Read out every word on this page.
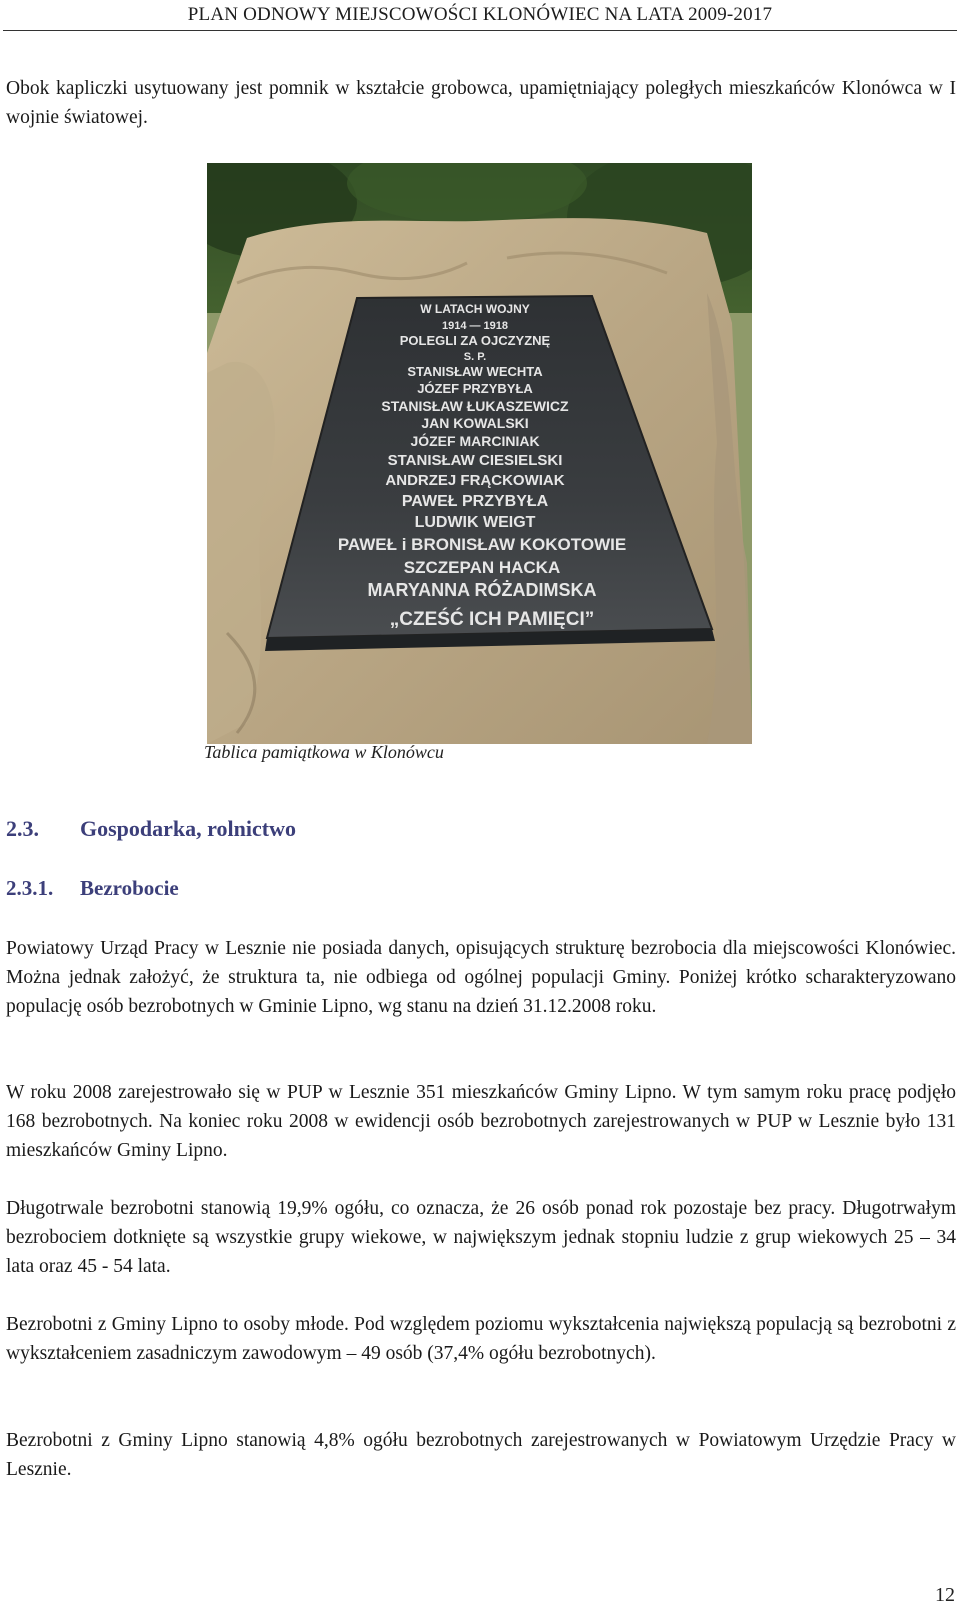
PLAN ODNOWY MIEJSCOWOŚCI KLONÓWIEC NA LATA 2009-2017

Obok kapliczki usytuowany jest pomnik w kształcie grobowca, upamiętniający poległych mieszkańców Klonówca w I wojnie światowej.

W LATACH WOJNY
1914 — 1918
POLEGLI ZA OJCZYZNĘ
S. P.
STANISŁAW WECHTA
JÓZEF PRZYBYŁA
STANISŁAW ŁUKASZEWICZ
JAN KOWALSKI
JÓZEF MARCINIAK
STANISŁAW CIESIELSKI
ANDRZEJ FRĄCKOWIAK
PAWEŁ PRZYBYŁA
LUDWIK WEIGT
PAWEŁ i BRONISŁAW KOKOTOWIE
SZCZEPAN HACKA
MARYANNA RÓŻADIMSKA
„CZEŚĆ ICH PAMIĘCI”
Tablica pamiątkowa w Klonówcu
2.3. Gospodarka, rolnictwo
2.3.1. Bezrobocie

Powiatowy Urząd Pracy w Lesznie nie posiada danych, opisujących strukturę bezrobocia dla miejscowości Klonówiec. Można jednak założyć, że struktura ta, nie odbiega od ogólnej populacji Gminy. Poniżej krótko scharakteryzowano populację osób bezrobotnych w Gminie Lipno, wg stanu na dzień 31.12.2008 roku.

W roku 2008 zarejestrowało się w PUP w Lesznie 351 mieszkańców Gminy Lipno. W tym samym roku pracę podjęło 168 bezrobotnych. Na koniec roku 2008 w ewidencji osób bezrobotnych zarejestrowanych w PUP w Lesznie było 131 mieszkańców Gminy Lipno.

Długotrwale bezrobotni stanowią 19,9% ogółu, co oznacza, że 26 osób ponad rok pozostaje bez pracy. Długotrwałym bezrobociem dotknięte są wszystkie grupy wiekowe, w największym jednak stopniu ludzie z grup wiekowych 25 – 34 lata oraz 45 - 54 lata.

Bezrobotni z Gminy Lipno to osoby młode. Pod względem poziomu wykształcenia największą populacją są bezrobotni z wykształceniem zasadniczym zawodowym – 49 osób (37,4% ogółu bezrobotnych).

Bezrobotni z Gminy Lipno stanowią 4,8% ogółu bezrobotnych zarejestrowanych w Powiatowym Urzędzie Pracy w Lesznie.

12
